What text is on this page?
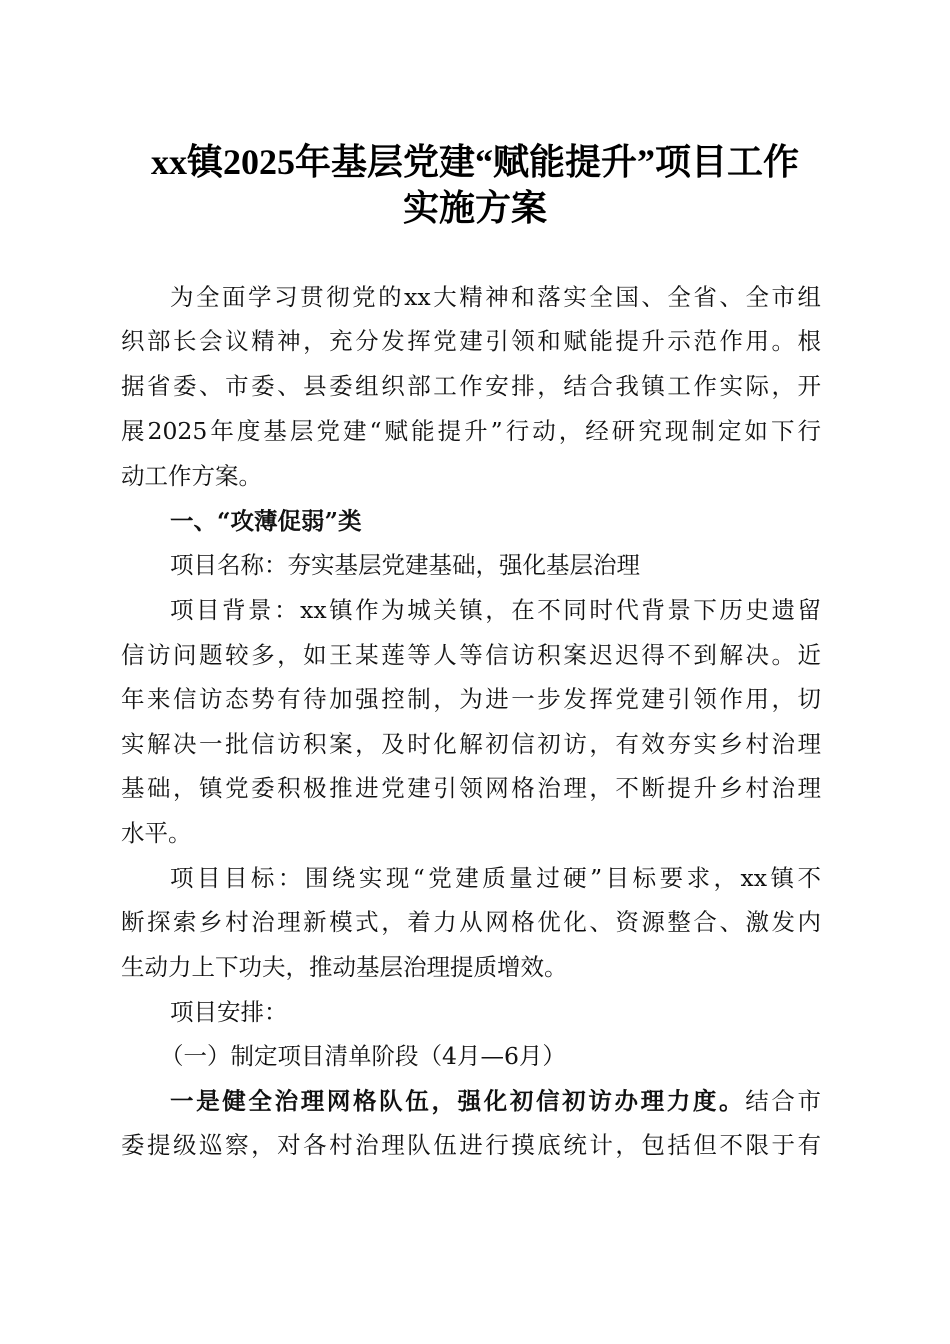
xx镇2025年基层党建“赋能提升”项目工作
实施方案
为全面学习贯彻党的xx大精神和落实全国、全省、全市组
织部长会议精神，充分发挥党建引领和赋能提升示范作用。根
据省委、市委、县委组织部工作安排，结合我镇工作实际，开
展2025年度基层党建“赋能提升”行动，经研究现制定如下行
动工作方案。
一、“攻薄促弱”类
项目名称：夯实基层党建基础，强化基层治理
项目背景：xx镇作为城关镇，在不同时代背景下历史遗留
信访问题较多，如王某莲等人等信访积案迟迟得不到解决。近
年来信访态势有待加强控制，为进一步发挥党建引领作用，切
实解决一批信访积案，及时化解初信初访，有效夯实乡村治理
基础，镇党委积极推进党建引领网格治理，不断提升乡村治理
水平。
项目目标：围绕实现“党建质量过硬”目标要求，xx镇不
断探索乡村治理新模式，着力从网格优化、资源整合、激发内
生动力上下功夫，推动基层治理提质增效。
项目安排：
（一）制定项目清单阶段（4月—6月）
一是健全治理网格队伍，强化初信初访办理力度。结合市
委提级巡察，对各村治理队伍进行摸底统计，包括但不限于有
